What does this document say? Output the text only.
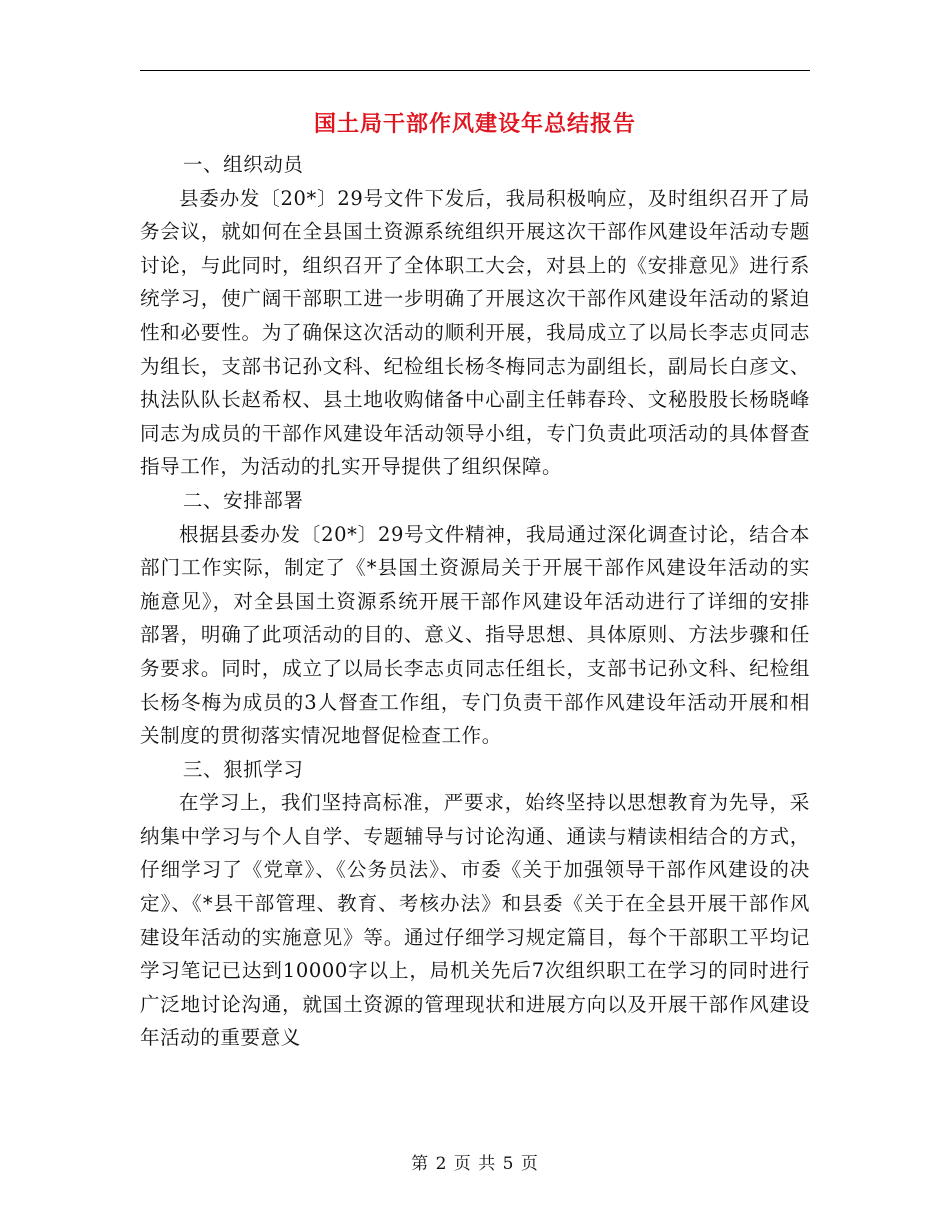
国土局干部作风建设年总结报告

一、组织动员

县委办发〔20*〕29号文件下发后，我局积极响应，及时组织召开了局务会议，就如何在全县国土资源系统组织开展这次干部作风建设年活动专题讨论，与此同时，组织召开了全体职工大会，对县上的《安排意见》进行系统学习，使广阔干部职工进一步明确了开展这次干部作风建设年活动的紧迫性和必要性。为了确保这次活动的顺利开展，我局成立了以局长李志贞同志为组长，支部书记孙文科、纪检组长杨冬梅同志为副组长，副局长白彦文、执法队队长赵希权、县土地收购储备中心副主任韩春玲、文秘股股长杨晓峰同志为成员的干部作风建设年活动领导小组，专门负责此项活动的具体督查指导工作，为活动的扎实开导提供了组织保障。

二、安排部署

根据县委办发〔20*〕29号文件精神，我局通过深化调查讨论，结合本部门工作实际，制定了《*县国土资源局关于开展干部作风建设年活动的实施意见》，对全县国土资源系统开展干部作风建设年活动进行了详细的安排部署，明确了此项活动的目的、意义、指导思想、具体原则、方法步骤和任务要求。同时，成立了以局长李志贞同志任组长，支部书记孙文科、纪检组长杨冬梅为成员的3人督查工作组，专门负责干部作风建设年活动开展和相关制度的贯彻落实情况地督促检查工作。

三、狠抓学习

在学习上，我们坚持高标准，严要求，始终坚持以思想教育为先导，采纳集中学习与个人自学、专题辅导与讨论沟通、通读与精读相结合的方式，仔细学习了《党章》、《公务员法》、市委《关于加强领导干部作风建设的决定》、《*县干部管理、教育、考核办法》和县委《关于在全县开展干部作风建设年活动的实施意见》等。通过仔细学习规定篇目，每个干部职工平均记学习笔记已达到10000字以上，局机关先后7次组织职工在学习的同时进行广泛地讨论沟通，就国土资源的管理现状和进展方向以及开展干部作风建设年活动的重要意义

第 2 页 共 5 页
